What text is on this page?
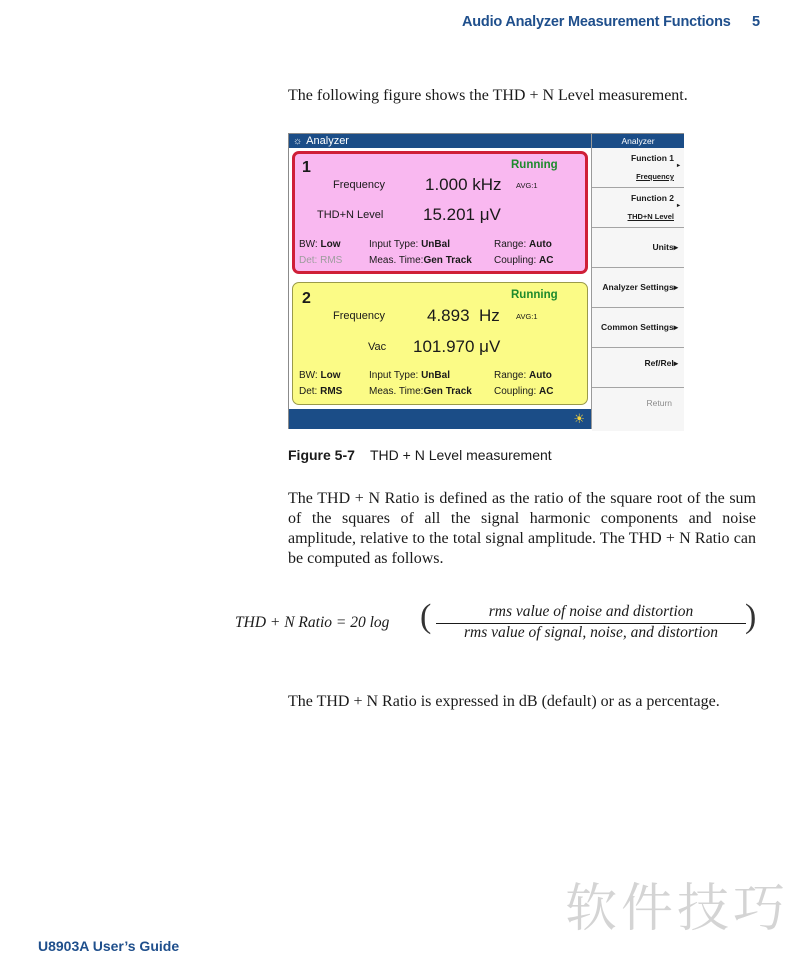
Audio Analyzer Measurement Functions 5

The following figure shows the THD + N Level measurement.

☼ Analyzer
1	Running
Frequency 1.000 kHz AVG:1
THD+N Level 15.201 μV
BW: Low	Input Type: UnBal	Range: Auto
Det: RMS	Meas. Time:Gen Track Coupling: AC
2	Running
Frequency 4.893  Hz AVG:1
Vac 101.970 μV
BW: Low	Input Type: UnBal	Range: Auto
Det: RMS	Meas. Time:Gen Track Coupling: AC
☀
Analyzer
Function 1
▸
Frequency
Function 2
▸
THD+N Level
Units▸
Analyzer Settings▸
Common Settings▸
Ref/Rel▸
Return
Figure 5-7 THD + N Level measurement

The THD + N Ratio is defined as the ratio of the square root of the sum of the squares of all the signal harmonic components and noise amplitude, relative to the total signal amplitude. The THD + N Ratio can be computed as follows.

THD + N Ratio = 20 log (	rms value of noise and distortion
rms value of signal, noise, and distortion )

The THD + N Ratio is expressed in dB (default) or as a percentage.

软件技巧
U8903A User’s Guide
